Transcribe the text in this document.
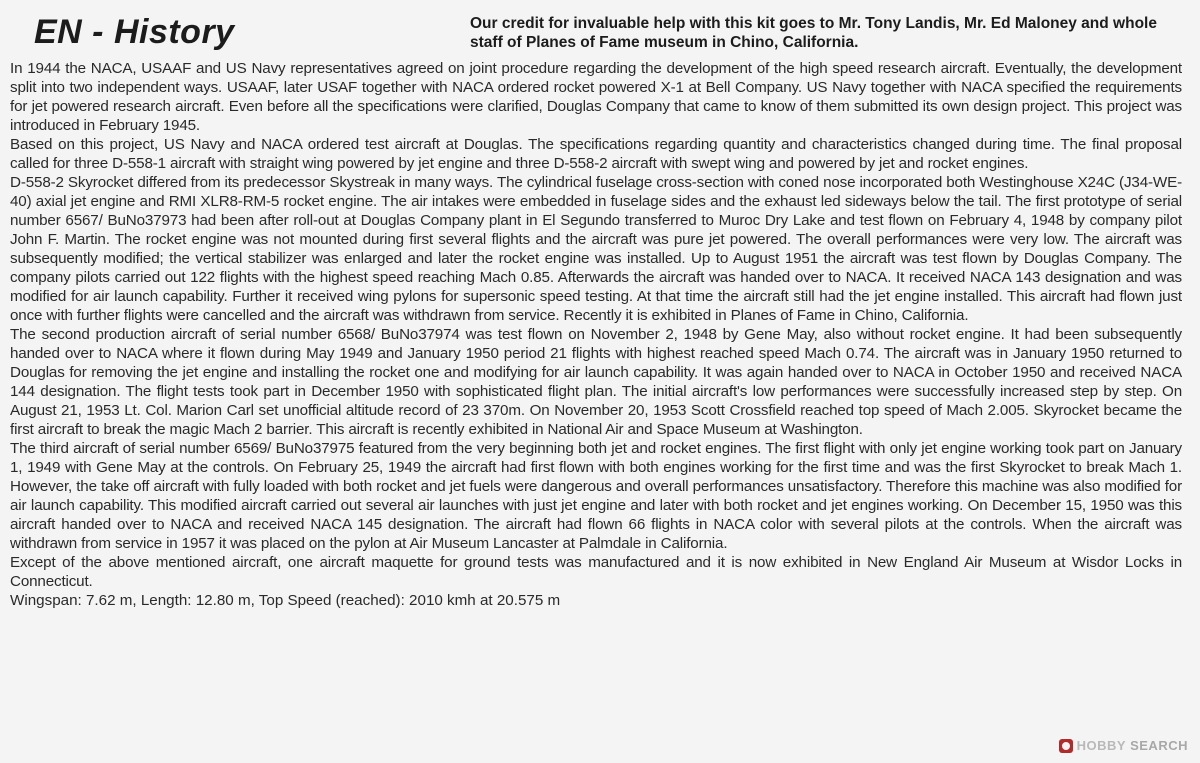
EN - History	Our credit for invaluable help with this kit goes to Mr. Tony Landis, Mr. Ed Maloney and whole staff of Planes of Fame museum in Chino, California.

In 1944 the NACA, USAAF and US Navy representatives agreed on joint procedure regarding the development of the high speed research aircraft. Eventually, the development split into two independent ways. USAAF, later USAF together with NACA ordered rocket powered X-1 at Bell Company. US Navy together with NACA specified the requirements for jet powered research aircraft. Even before all the specifications were clarified, Douglas Company that came to know of them submitted its own design project. This project was introduced in February 1945.

Based on this project, US Navy and NACA ordered test aircraft at Douglas. The specifications regarding quantity and characteristics changed during time. The final proposal called for three D-558-1 aircraft with straight wing powered by jet engine and three D-558-2 aircraft with swept wing and powered by jet and rocket engines.

D-558-2 Skyrocket differed from its predecessor Skystreak in many ways. The cylindrical fuselage cross-section with coned nose incorporated both Westinghouse X24C (J34-WE-40) axial jet engine and RMI XLR8-RM-5 rocket engine. The air intakes were embedded in fuselage sides and the exhaust led sideways below the tail. The first prototype of serial number 6567/ BuNo37973 had been after roll-out at Douglas Company plant in El Segundo transferred to Muroc Dry Lake and test flown on February 4, 1948 by company pilot John F. Martin. The rocket engine was not mounted during first several flights and the aircraft was pure jet powered. The overall performances were very low. The aircraft was subsequently modified; the vertical stabilizer was enlarged and later the rocket engine was installed. Up to August 1951 the aircraft was test flown by Douglas Company. The company pilots carried out 122 flights with the highest speed reaching Mach 0.85. Afterwards the aircraft was handed over to NACA. It received NACA 143 designation and was modified for air launch capability. Further it received wing pylons for supersonic speed testing. At that time the aircraft still had the jet engine installed. This aircraft had flown just once with further flights were cancelled and the aircraft was withdrawn from service. Recently it is exhibited in Planes of Fame in Chino, California.

The second production aircraft of serial number 6568/ BuNo37974 was test flown on November 2, 1948 by Gene May, also without rocket engine. It had been subsequently handed over to NACA where it flown during May 1949 and January 1950 period 21 flights with highest reached speed Mach 0.74. The aircraft was in January 1950 returned to Douglas for removing the jet engine and installing the rocket one and modifying for air launch capability. It was again handed over to NACA in October 1950 and received NACA 144 designation. The flight tests took part in December 1950 with sophisticated flight plan. The initial aircraft's low performances were successfully increased step by step. On August 21, 1953 Lt. Col. Marion Carl set unofficial altitude record of 23 370m. On November 20, 1953 Scott Crossfield reached top speed of Mach 2.005. Skyrocket became the first aircraft to break the magic Mach 2 barrier. This aircraft is recently exhibited in National Air and Space Museum at Washington.

The third aircraft of serial number 6569/ BuNo37975 featured from the very beginning both jet and rocket engines. The first flight with only jet engine working took part on January 1, 1949 with Gene May at the controls. On February 25, 1949 the aircraft had first flown with both engines working for the first time and was the first Skyrocket to break Mach 1. However, the take off aircraft with fully loaded with both rocket and jet fuels were dangerous and overall performances unsatisfactory. Therefore this machine was also modified for air launch capability. This modified aircraft carried out several air launches with just jet engine and later with both rocket and jet engines working. On December 15, 1950 was this aircraft handed over to NACA and received NACA 145 designation. The aircraft had flown 66 flights in NACA color with several pilots at the controls. When the aircraft was withdrawn from service in 1957 it was placed on the pylon at Air Museum Lancaster at Palmdale in California.

Except of the above mentioned aircraft, one aircraft maquette for ground tests was manufactured and it is now exhibited in New England Air Museum at Wisdor Locks in Connecticut.

Wingspan: 7.62 m, Length: 12.80 m, Top Speed (reached): 2010 kmh at 20.575 m

HOBBY SEARCH
